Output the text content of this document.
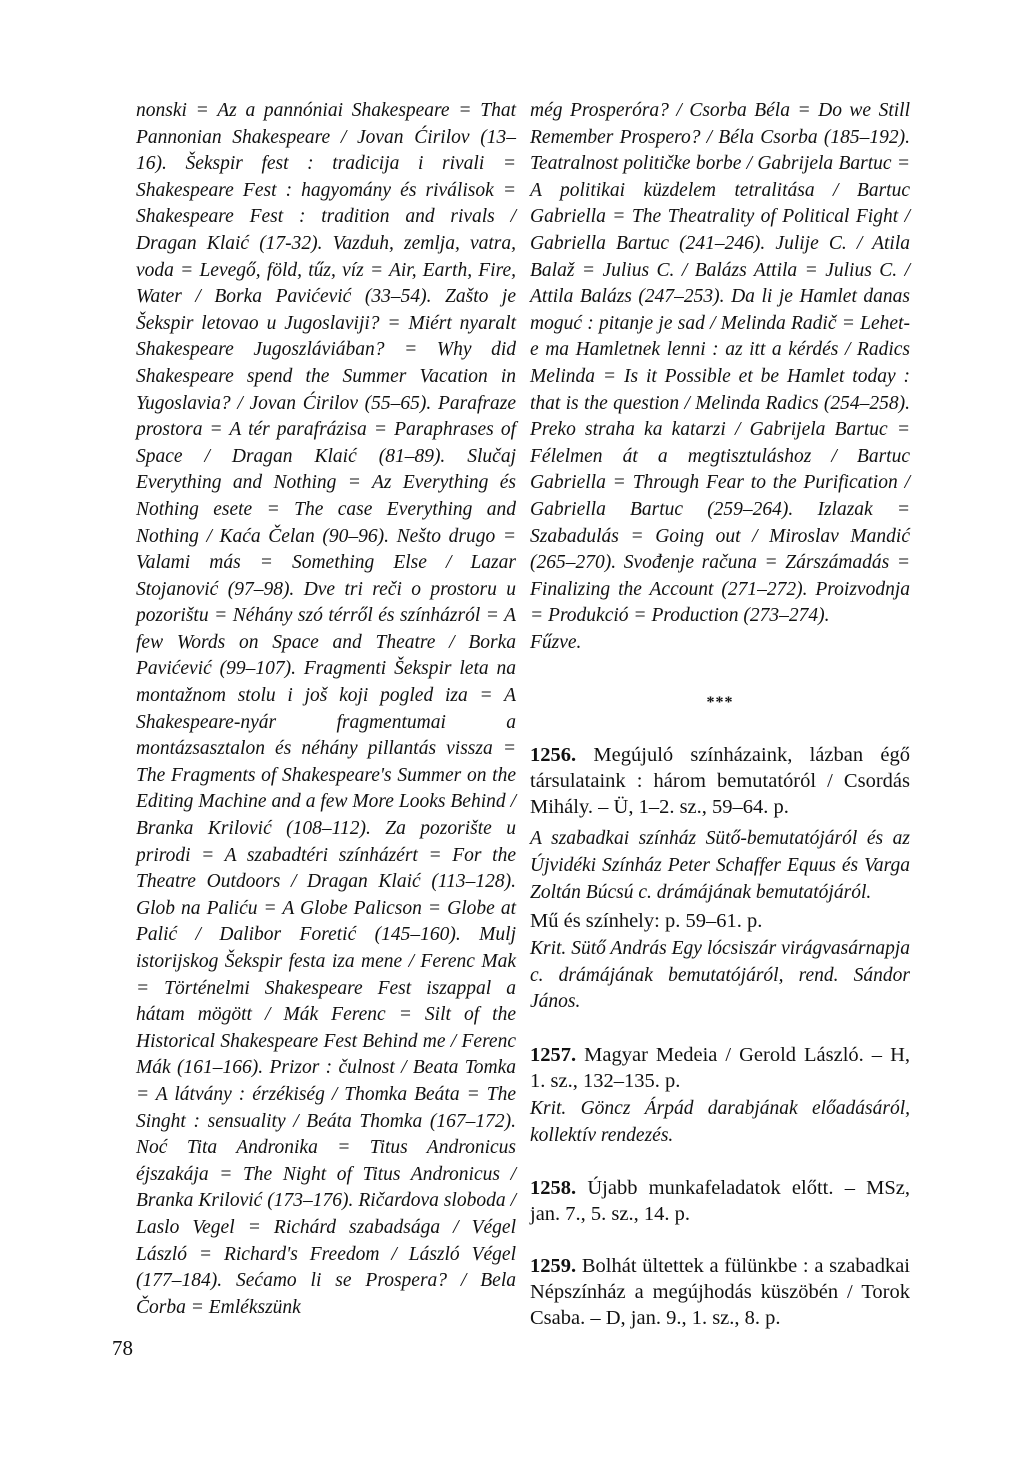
nonski = Az a pannóniai Shakespeare = That Pannonian Shakespeare / Jovan Ćirilov (13–16). Šekspir fest : tradicija i rivali = Shakespeare Fest : hagyomány és riválisok = Shakespeare Fest : tradition and rivals / Dragan Klaić (17-32). Vazduh, zemlja, vatra, voda = Levegő, föld, tűz, víz = Air, Earth, Fire, Water / Borka Pavićević (33–54). Zašto je Šekspir letovao u Jugoslaviji? = Miért nyaralt Shakespeare Jugoszláviában? = Why did Shakespeare spend the Summer Vacation in Yugoslavia? / Jovan Ćirilov (55–65). Parafraze prostora = A tér parafrázisa = Paraphrases of Space / Dragan Klaić (81–89). Slučaj Everything and Nothing = Az Everything és Nothing esete = The case Everything and Nothing / Kaća Čelan (90–96). Nešto drugo = Valami más = Something Else / Lazar Stojanović (97–98). Dve tri reči o prostoru u pozorištu = Néhány szó térről és színházról = A few Words on Space and Theatre / Borka Pavićević (99–107). Fragmenti Šekspir leta na montažnom stolu i još koji pogled iza = A Shakespeare-nyár fragmentumai a montázsasztalon és néhány pillantás vissza = The Fragments of Shakespeare's Summer on the Editing Machine and a few More Looks Behind / Branka Krilović (108–112). Za pozorište u prirodi = A szabadtéri színházért = For the Theatre Outdoors / Dragan Klaić (113–128). Glob na Paliću = A Globe Palicson = Globe at Palić / Dalibor Foretić (145–160). Mulj istorijskog Šekspir festa iza mene / Ferenc Mak = Történelmi Shakespeare Fest iszappal a hátam mögött / Mák Ferenc = Silt of the Historical Shakespeare Fest Behind me / Ferenc Mák (161–166). Prizor : čulnost / Beata Tomka = A látvány : érzékiség / Thomka Beáta = The Singht : sensuality / Beáta Thomka (167–172). Noć Tita Andronika = Titus Andronicus éjszakája = The Night of Titus Andronicus / Branka Krilović (173–176). Ričardova sloboda / Laslo Vegel = Richárd szabadsága / Végel László = Richard's Freedom / László Végel (177–184). Sećamo li se Prospera? / Bela Čorba = Emlékszünk

még Prosperóra? / Csorba Béla = Do we Still Remember Prospero? / Béla Csorba (185–192). Teatralnost političke borbe / Gabrijela Bartuc = A politikai küzdelem tetralitása / Bartuc Gabriella = The Theatrality of Political Fight / Gabriella Bartuc (241–246). Julije C. / Atila Balaž = Julius C. / Balázs Attila = Julius C. / Attila Balázs (247–253). Da li je Hamlet danas moguć : pitanje je sad / Melinda Radič = Lehet-e ma Hamletnek lenni : az itt a kérdés / Radics Melinda = Is it Possible et be Hamlet today : that is the question / Melinda Radics (254–258). Preko straha ka katarzi / Gabrijela Bartuc = Félelmen át a megtisztuláshoz / Bartuc Gabriella = Through Fear to the Purification / Gabriella Bartuc (259–264). Izlazak = Szabadulás = Going out / Miroslav Mandić (265–270). Svođenje računa = Zárszámadás = Finalizing the Account (271–272). Proizvodnja = Produkció = Production (273–274).

Fűzve.

***

1256. Megújuló színházaink, lázban égő társulataink : három bemutatóról / Csordás Mihály. – Ü, 1–2. sz., 59–64. p.

A szabadkai színház Sütő-bemutatójáról és az Újvidéki Színház Peter Schaffer Equus és Varga Zoltán Búcsú c. drámájának bemutatójáról.

Mű és színhely: p. 59–61. p.

Krit. Sütő András Egy lócsiszár virágvasárnapja c. drámájának bemutatójáról, rend. Sándor János.

1257. Magyar Medeia / Gerold László. – H, 1. sz., 132–135. p.

Krit. Göncz Árpád darabjának előadásáról, kollektív rendezés.

1258. Újabb munkafeladatok előtt. – MSz, jan. 7., 5. sz., 14. p.

1259. Bolhát ültettek a fülünkbe : a szabadkai Népszínház a megújhodás küszöbén / Torok Csaba. – D, jan. 9., 1. sz., 8. p.

78
